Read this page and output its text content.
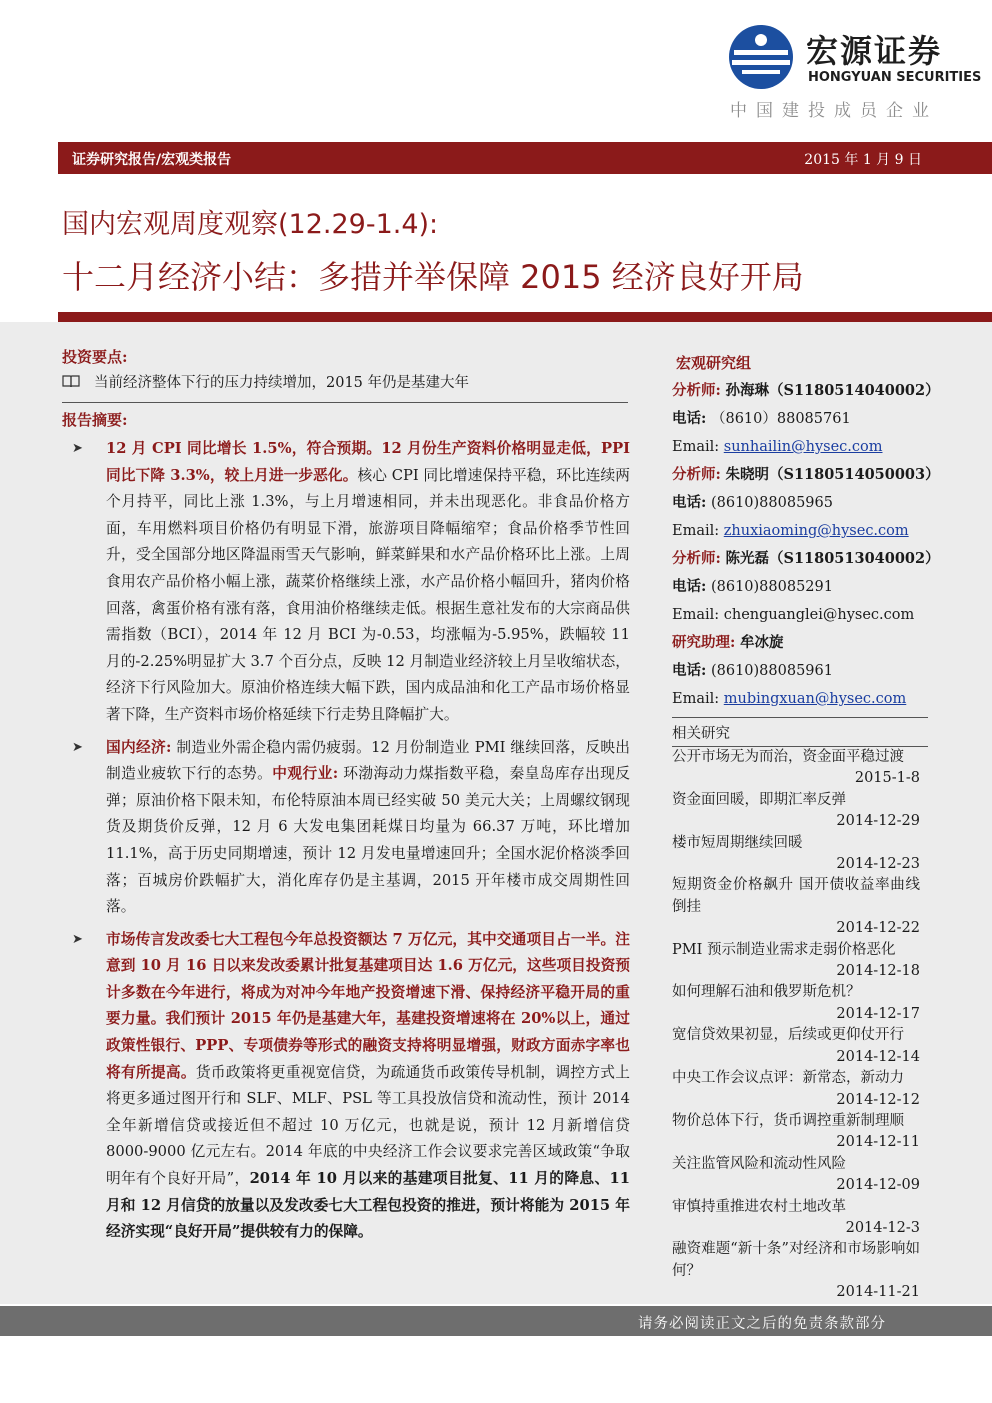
宏源证券
HONGYUAN SECURITIES
中国建投成员企业
证券研究报告/宏观类报告	2015 年 1 月 9 日
国内宏观周度观察(12.29-1.4):
十二月经济小结：多措并举保障 2015 经济良好开局
投资要点:
当前经济整体下行的压力持续增加，2015 年仍是基建大年
报告摘要:
➤ 12 月 CPI 同比增长 1.5%，符合预期。12 月份生产资料价格明显走低，PPI 同比下降 3.3%，较上月进一步恶化。核心 CPI 同比增速保持平稳，环比连续两个月持平，同比上涨 1.3%，与上月增速相同，并未出现恶化。非食品价格方面，车用燃料项目价格仍有明显下滑，旅游项目降幅缩窄；食品价格季节性回升，受全国部分地区降温雨雪天气影响，鲜菜鲜果和水产品价格环比上涨。上周食用农产品价格小幅上涨，蔬菜价格继续上涨，水产品价格小幅回升，猪肉价格回落，禽蛋价格有涨有落，食用油价格继续走低。根据生意社发布的大宗商品供需指数（BCI），2014 年 12 月 BCI 为-0.53，均涨幅为-5.95%，跌幅较 11 月的-2.25%明显扩大 3.7 个百分点，反映 12 月制造业经济较上月呈收缩状态，经济下行风险加大。原油价格连续大幅下跌，国内成品油和化工产品市场价格显著下降，生产资料市场价格延续下行走势且降幅扩大。
➤ 国内经济: 制造业外需企稳内需仍疲弱。12 月份制造业 PMI 继续回落，反映出制造业疲软下行的态势。中观行业: 环渤海动力煤指数平稳，秦皇岛库存出现反弹；原油价格下限未知，布伦特原油本周已经实破 50 美元大关；上周螺纹钢现货及期货价反弹，12 月 6 大发电集团耗煤日均量为 66.37 万吨，环比增加 11.1%，高于历史同期增速，预计 12 月发电量增速回升；全国水泥价格淡季回落；百城房价跌幅扩大，消化库存仍是主基调，2015 开年楼市成交周期性回落。
➤ 市场传言发改委七大工程包今年总投资额达 7 万亿元，其中交通项目占一半。注意到 10 月 16 日以来发改委累计批复基建项目达 1.6 万亿元，这些项目投资预计多数在今年进行，将成为对冲今年地产投资增速下滑、保持经济平稳开局的重要力量。我们预计 2015 年仍是基建大年，基建投资增速将在 20%以上，通过政策性银行、PPP、专项债券等形式的融资支持将明显增强，财政方面赤字率也将有所提高。货币政策将更重视宽信贷，为疏通货币政策传导机制，调控方式上将更多通过图开行和 SLF、MLF、PSL 等工具投放信贷和流动性，预计 2014 全年新增信贷或接近但不超过 10 万亿元，也就是说，预计 12 月新增信贷 8000-9000 亿元左右。2014 年底的中央经济工作会议要求完善区域政策“争取明年有个良好开局”，2014 年 10 月以来的基建项目批复、11 月的降息、11 月和 12 月信贷的放量以及发改委七大工程包投资的推进，预计将能为 2015 年经济实现“良好开局”提供较有力的保障。
宏观研究组
分析师: 孙海琳（S1180514040002）
电话: （8610）88085761
Email: sunhailin@hysec.com
分析师: 朱晓明（S1180514050003）
电话: (8610)88085965
Email: zhuxiaoming@hysec.com
分析师: 陈光磊（S1180513040002）
电话: (8610)88085291
Email: chenguanglei@hysec.com
研究助理: 牟冰旋
电话: (8610)88085961
Email: mubingxuan@hysec.com
相关研究
公开市场无为而治，资金面平稳过渡
2015-1-8
资金面回暖，即期汇率反弹
2014-12-29
楼市短周期继续回暖
2014-12-23
短期资金价格飙升 国开债收益率曲线倒挂
2014-12-22
PMI 预示制造业需求走弱价格恶化
2014-12-18
如何理解石油和俄罗斯危机？
2014-12-17
宽信贷效果初显，后续或更仰仗开行
2014-12-14
中央工作会议点评：新常态，新动力
2014-12-12
物价总体下行，货币调控重新制理顺
2014-12-11
关注监管风险和流动性风险
2014-12-09
审慎持重推进农村土地改革
2014-12-3
融资难题“新十条”对经济和市场影响如何？
2014-11-21
请务必阅读正文之后的免责条款部分
